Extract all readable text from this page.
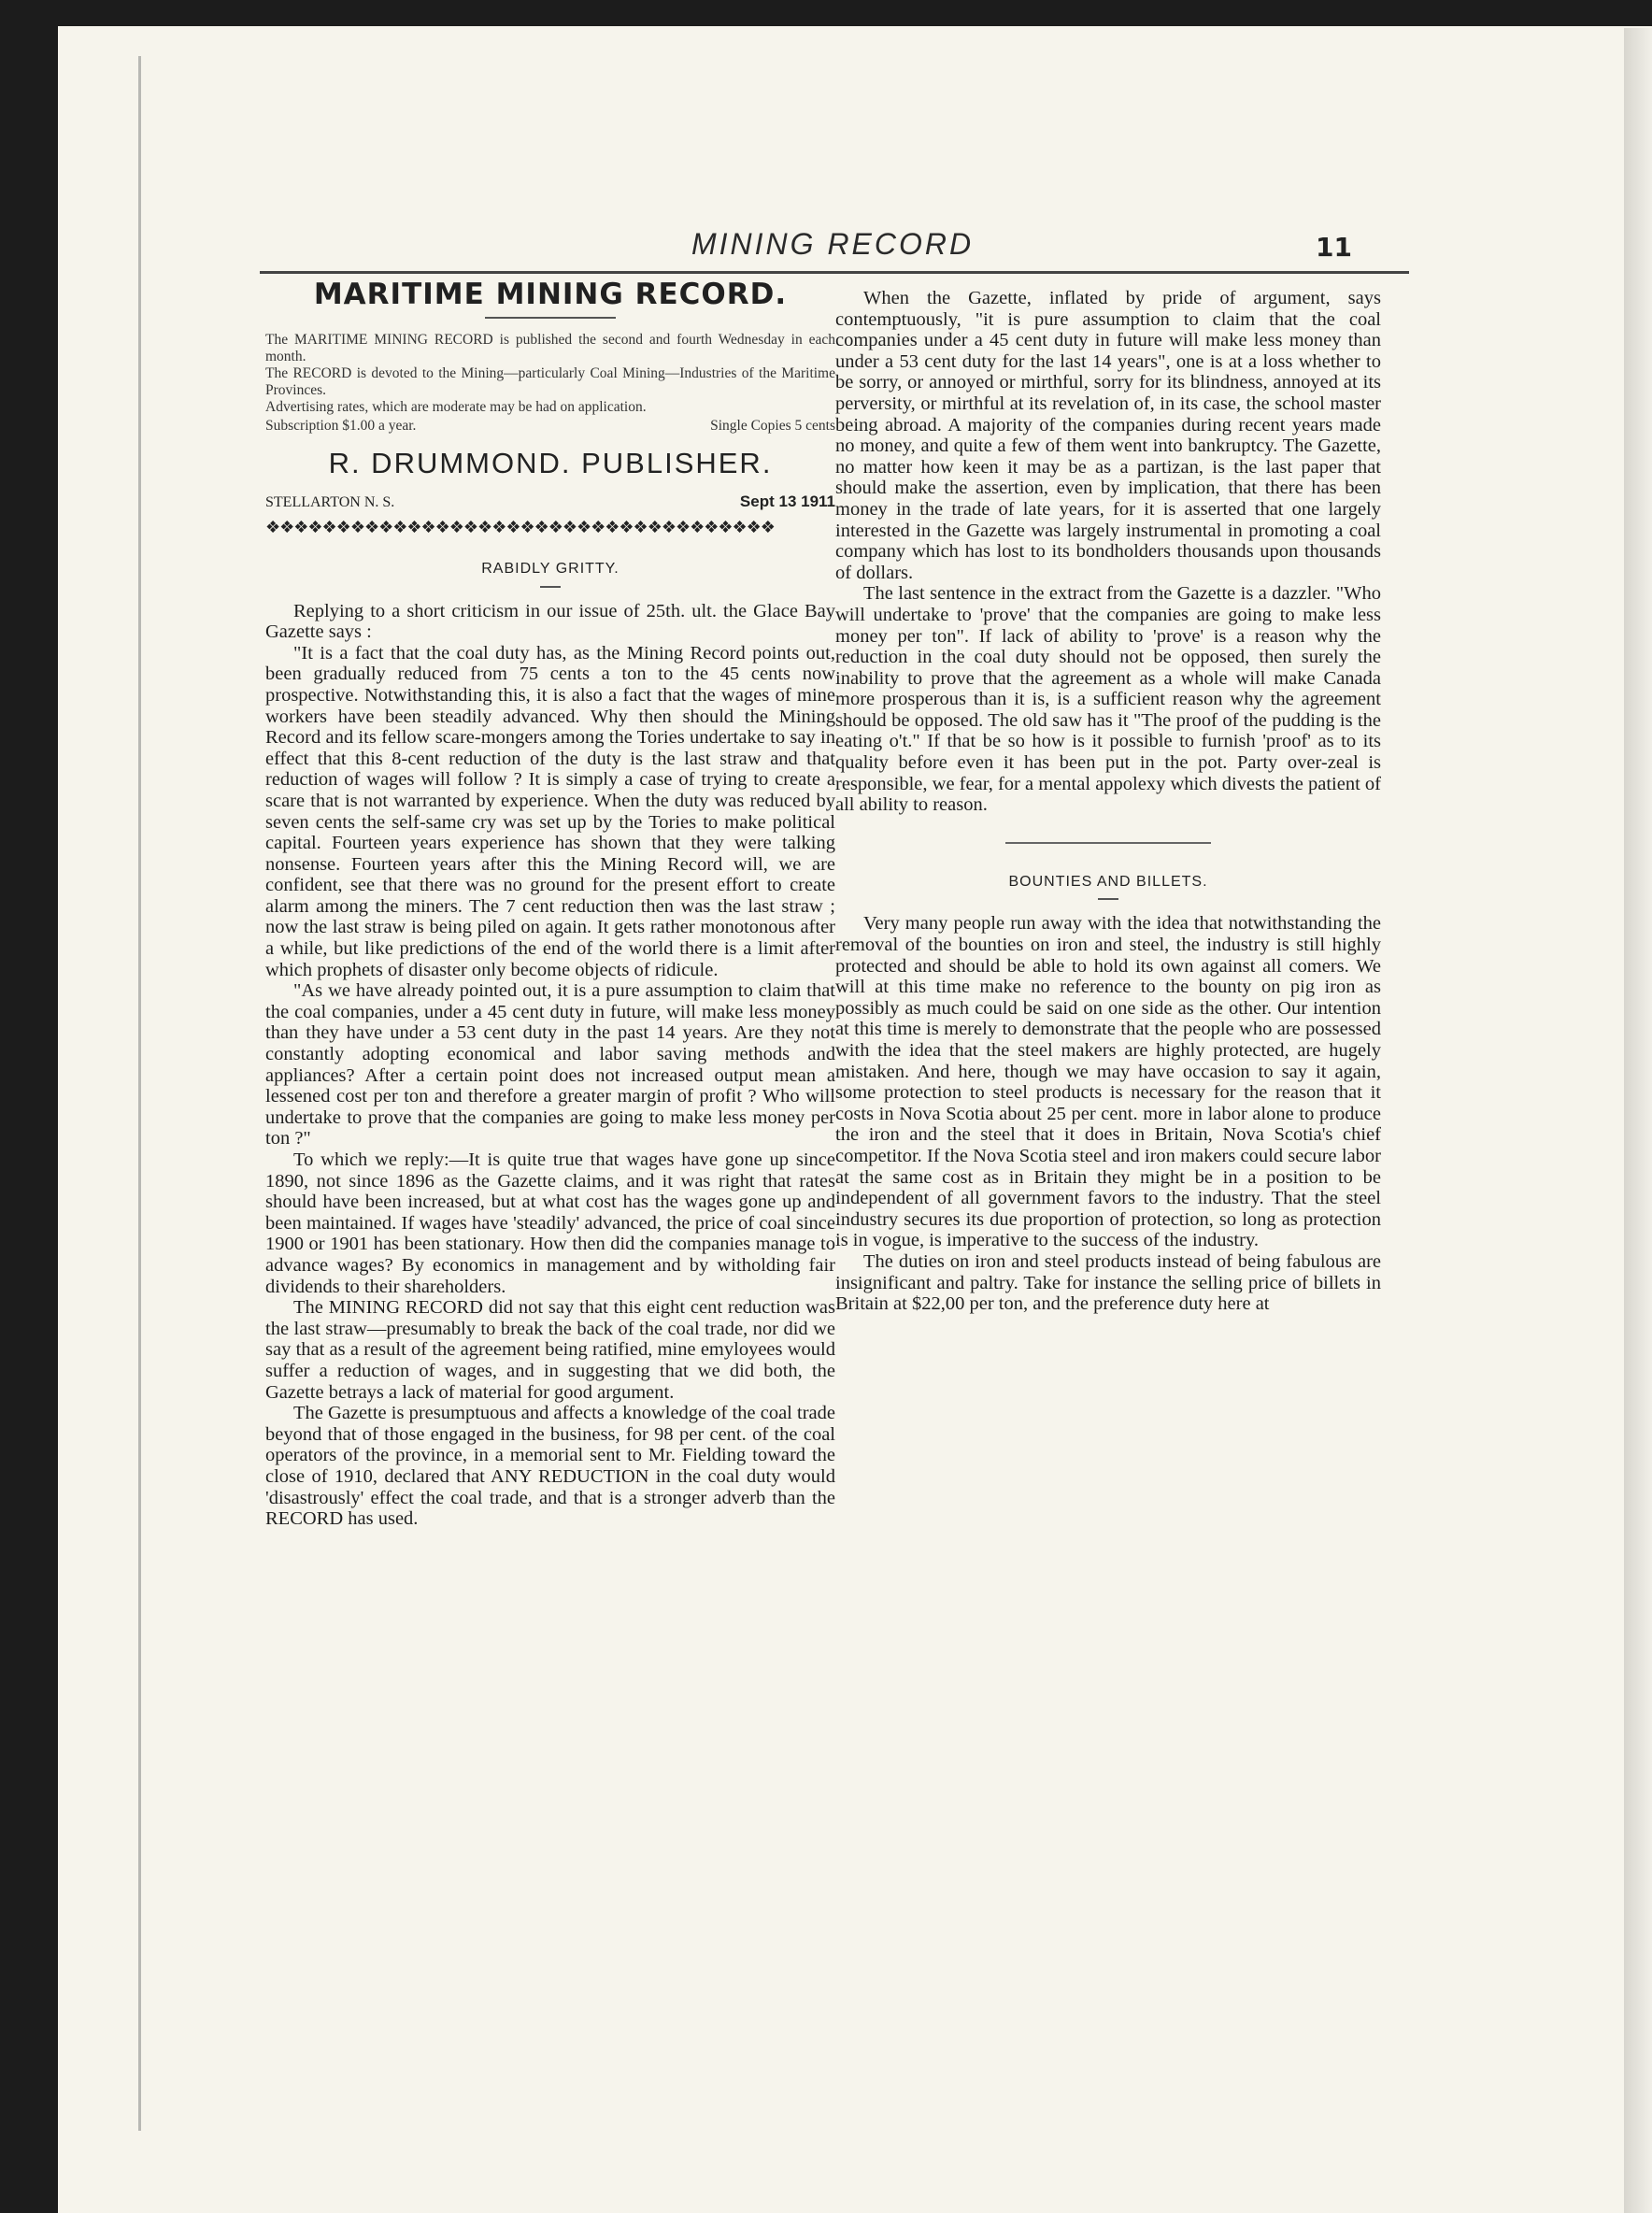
MINING RECORD	11
MARITIME MINING RECORD.

The MARITIME MINING RECORD is published the second and fourth Wednesday in each month.

The RECORD is devoted to the Mining—particularly Coal Mining—Industries of the Maritime Provinces.

Advertising rates, which are moderate may be had on application.

Subscription $1.00 a year.	Single Copies 5 cents
R. DRUMMOND. PUBLISHER.
STELLARTON N. S.	Sept 13 1911
❖❖❖❖❖❖❖❖❖❖❖❖❖❖❖❖❖❖❖❖❖❖❖❖❖❖❖❖❖❖❖❖❖❖❖❖
RABIDLY GRITTY.

Replying to a short criticism in our issue of 25th. ult. the Glace Bay Gazette says :

"It is a fact that the coal duty has, as the Mining Record points out, been gradually reduced from 75 cents a ton to the 45 cents now prospective. Notwithstanding this, it is also a fact that the wages of mine workers have been steadily advanced. Why then should the Mining Record and its fellow scare-mongers among the Tories undertake to say in effect that this 8-cent reduction of the duty is the last straw and that reduction of wages will follow ? It is simply a case of trying to create a scare that is not warranted by experience. When the duty was reduced by seven cents the self-same cry was set up by the Tories to make political capital. Fourteen years experience has shown that they were talking nonsense. Fourteen years after this the Mining Record will, we are confident, see that there was no ground for the present effort to create alarm among the miners. The 7 cent reduction then was the last straw ; now the last straw is being piled on again. It gets rather monotonous after a while, but like predictions of the end of the world there is a limit after which prophets of disaster only become objects of ridicule.

"As we have already pointed out, it is a pure assumption to claim that the coal companies, under a 45 cent duty in future, will make less money than they have under a 53 cent duty in the past 14 years. Are they not constantly adopting economical and labor saving methods and appliances? After a certain point does not increased output mean a lessened cost per ton and therefore a greater margin of profit ? Who will undertake to prove that the companies are going to make less money per ton ?"

To which we reply:—It is quite true that wages have gone up since 1890, not since 1896 as the Gazette claims, and it was right that rates should have been increased, but at what cost has the wages gone up and been maintained. If wages have 'steadily' advanced, the price of coal since 1900 or 1901 has been stationary. How then did the companies manage to advance wages? By economics in management and by witholding fair dividends to their shareholders.

The MINING RECORD did not say that this eight cent reduction was the last straw—presumably to break the back of the coal trade, nor did we say that as a result of the agreement being ratified, mine emyloyees would suffer a reduction of wages, and in suggesting that we did both, the Gazette betrays a lack of material for good argument.

The Gazette is presumptuous and affects a knowledge of the coal trade beyond that of those engaged in the business, for 98 per cent. of the coal operators of the province, in a memorial sent to Mr. Fielding toward the close of 1910, declared that ANY REDUCTION in the coal duty would 'disastrously' effect the coal trade, and that is a stronger adverb than the RECORD has used.

When the Gazette, inflated by pride of argument, says contemptuously, "it is pure assumption to claim that the coal companies under a 45 cent duty in future will make less money than under a 53 cent duty for the last 14 years", one is at a loss whether to be sorry, or annoyed or mirthful, sorry for its blindness, annoyed at its perversity, or mirthful at its revelation of, in its case, the school master being abroad. A majority of the companies during recent years made no money, and quite a few of them went into bankruptcy. The Gazette, no matter how keen it may be as a partizan, is the last paper that should make the assertion, even by implication, that there has been money in the trade of late years, for it is asserted that one largely interested in the Gazette was largely instrumental in promoting a coal company which has lost to its bondholders thousands upon thousands of dollars.

The last sentence in the extract from the Gazette is a dazzler. "Who will undertake to 'prove' that the companies are going to make less money per ton". If lack of ability to 'prove' is a reason why the reduction in the coal duty should not be opposed, then surely the inability to prove that the agreement as a whole will make Canada more prosperous than it is, is a sufficient reason why the agreement should be opposed. The old saw has it "The proof of the pudding is the eating o't." If that be so how is it possible to furnish 'proof' as to its quality before even it has been put in the pot. Party over-zeal is responsible, we fear, for a mental appolexy which divests the patient of all ability to reason.

BOUNTIES AND BILLETS.

Very many people run away with the idea that notwithstanding the removal of the bounties on iron and steel, the industry is still highly protected and should be able to hold its own against all comers. We will at this time make no reference to the bounty on pig iron as possibly as much could be said on one side as the other. Our intention at this time is merely to demonstrate that the people who are possessed with the idea that the steel makers are highly protected, are hugely mistaken. And here, though we may have occasion to say it again, some protection to steel products is necessary for the reason that it costs in Nova Scotia about 25 per cent. more in labor alone to produce the iron and the steel that it does in Britain, Nova Scotia's chief competitor. If the Nova Scotia steel and iron makers could secure labor at the same cost as in Britain they might be in a position to be independent of all government favors to the industry. That the steel industry secures its due proportion of protection, so long as protection is in vogue, is imperative to the success of the industry.

The duties on iron and steel products instead of being fabulous are insignificant and paltry. Take for instance the selling price of billets in Britain at $22,00 per ton, and the preference duty here at
